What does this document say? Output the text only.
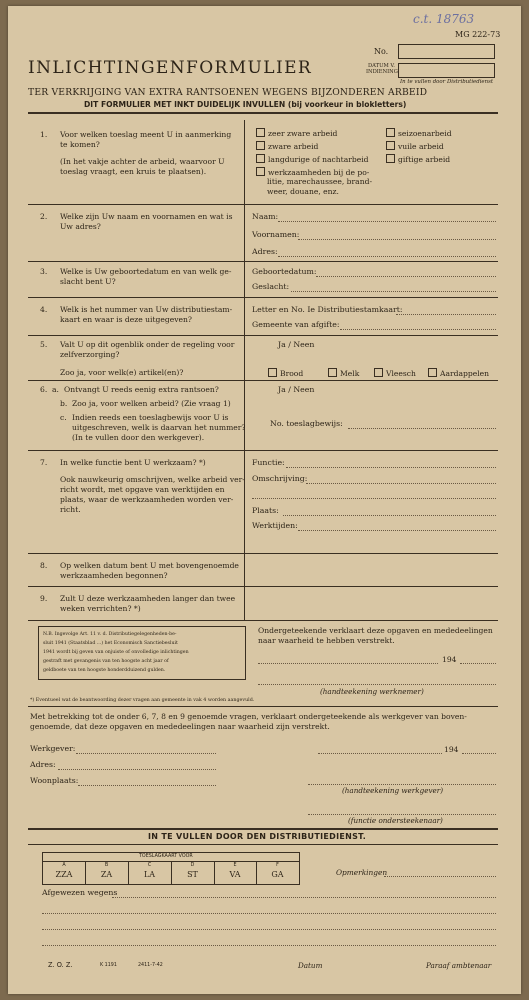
c.t. 18763
MG 222-73
No.
DATUM V.
INDIENING
In te vullen door Distributiedienst
INLICHTINGENFORMULIER
TER VERKRIJGING VAN EXTRA RANTSOENEN WEGENS BIJZONDEREN ARBEID
DIT FORMULIER MET INKT DUIDELIJK INVULLEN (bij voorkeur in blokletters)
1. Voor welken toeslag meent U in aanmerking
te komen?
(In het vakje achter de arbeid, waarvoor U
toeslag vraagt, een kruis te plaatsen).
zeer zware arbeid
zware arbeid
langdurige of nachtarbeid
werkzaamheden bij de po-
litie, marechaussee, brand-
weer, douane, enz.
seizoenarbeid
vuile arbeid
giftige arbeid
2. Welke zijn Uw naam en voornamen en wat is
Uw adres?
Naam:
Voornamen:
Adres:
3. Welke is Uw geboortedatum en van welk ge-
slacht bent U?
Geboortedatum:
Geslacht:
4. Welk is het nummer van Uw distributiestam-
kaart en waar is deze uitgegeven?
Letter en No. Ie Distributiestamkaart:
Gemeente van afgifte:
5. Valt U op dit ogenblik onder de regeling voor
zelfverzorging?
Zoo ja, voor welk(e) artikel(en)?
Ja / Neen
Brood	Melk	Vleesch	Aardappelen
6. a. Ontvangt U reeds eenig extra rantsoen?
b. Zoo ja, voor welken arbeid? (Zie vraag 1)
c. Indien reeds een toeslagbewijs voor U is
uitgeschreven, welk is daarvan het nummer?
(In te vullen door den werkgever).
Ja / Neen
No. toeslagbewijs:
7. In welke functie bent U werkzaam? *)
Ook nauwkeurig omschrijven, welke arbeid ver-
richt wordt, met opgave van werktijden en
plaats, waar de werkzaamheden worden ver-
richt.
Functie:
Omschrijving:
Plaats:
Werktijden:
8. Op welken datum bent U met bovengenoemde
werkzaamheden begonnen?
9. Zult U deze werkzaamheden langer dan twee
weken verrichten? *)
N.B. Ingevolge Art. 11 v. d. Distributiegelegenheden-be-
sluit 1941 (Staatsblad ...) het Economisch Sanctiebesluit
1941 wordt bij geven van onjuiste of onvolledige inlichtingen
gestraft met gevangenis van ten hoogste acht jaar of
geldboete van ten hoogste honderdduizend gulden.
Ondergeteekende verklaart deze opgaven en mededeelingen
naar waarheid te hebben verstrekt.
194
(handteekening werknemer)
*) Eventueel wat de beantwoording dezer vragen aan gemeente in vak 4 worden aangevuld.
Met betrekking tot de onder 6, 7, 8 en 9 genoemde vragen, verklaart ondergeteekende als werkgever van boven-
genoemde, dat deze opgaven en mededeelingen naar waarheid zijn verstrekt.
Werkgever:	194
Adres:
Woonplaats:
(handteekening werkgever)
(functie ondersteekenaar)
IN TE VULLEN DOOR DEN DISTRIBUTIEDIENST.
TOESLAGKAART VOOR
A	B	C	D	E	F
ZZA	ZA	LA	ST	VA	GA	Opmerkingen
Afgewezen wegens
Z. O. Z.	K 1191	2411-7-42	Datum	Paraaf ambtenaar
